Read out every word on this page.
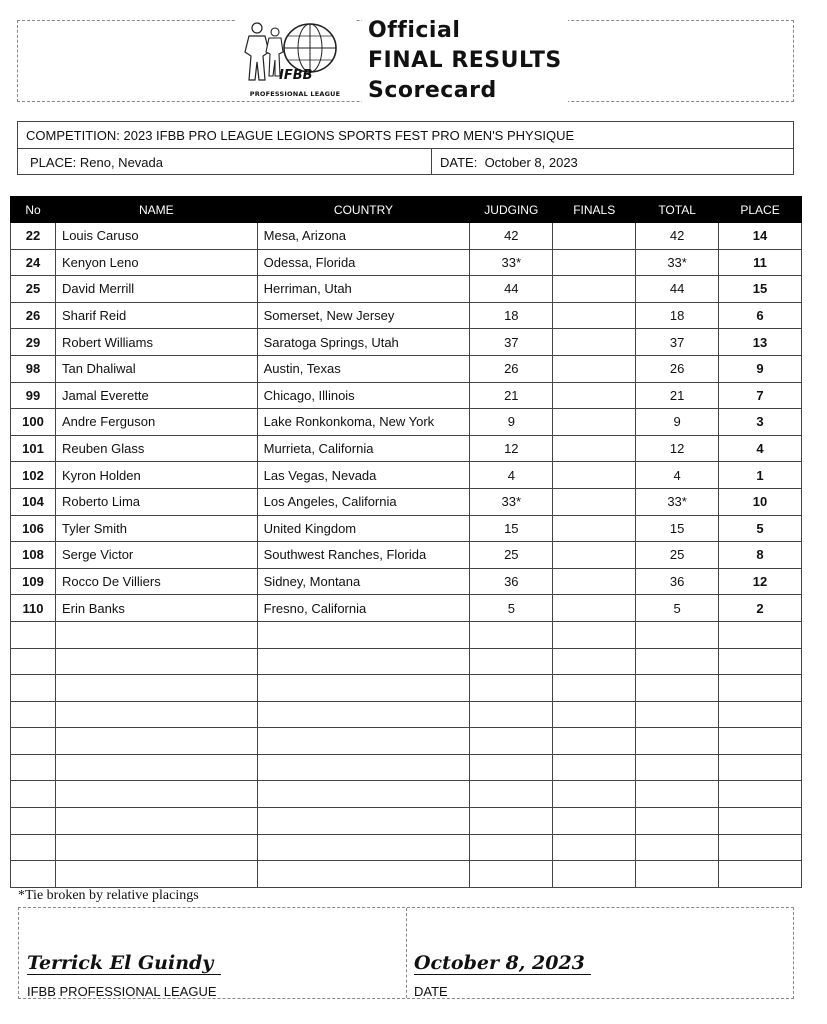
IFBB
PROFESSIONAL LEAGUE
Official
FINAL RESULTS
Scorecard
COMPETITION: 2023 IFBB PRO LEAGUE LEGIONS SPORTS FEST PRO MEN'S PHYSIQUE
PLACE: Reno, Nevada	DATE: October 8, 2023
No	NAME	COUNTRY	JUDGING	FINALS	TOTAL	PLACE
22	Louis Caruso	Mesa, Arizona	42		42	14
24	Kenyon Leno	Odessa, Florida	33*		33*	11
25	David Merrill	Herriman, Utah	44		44	15
26	Sharif Reid	Somerset, New Jersey	18		18	6
29	Robert Williams	Saratoga Springs, Utah	37		37	13
98	Tan Dhaliwal	Austin, Texas	26		26	9
99	Jamal Everette	Chicago, Illinois	21		21	7
100	Andre Ferguson	Lake Ronkonkoma, New York	9		9	3
101	Reuben Glass	Murrieta, California	12		12	4
102	Kyron Holden	Las Vegas, Nevada	4		4	1
104	Roberto Lima	Los Angeles, California	33*		33*	10
106	Tyler Smith	United Kingdom	15		15	5
108	Serge Victor	Southwest Ranches, Florida	25		25	8
109	Rocco De Villiers	Sidney, Montana	36		36	12
110	Erin Banks	Fresno, California	5		5	2

*Tie broken by relative placings
Terrick El Guindy
IFBB PROFESSIONAL LEAGUE
October 8, 2023
DATE
